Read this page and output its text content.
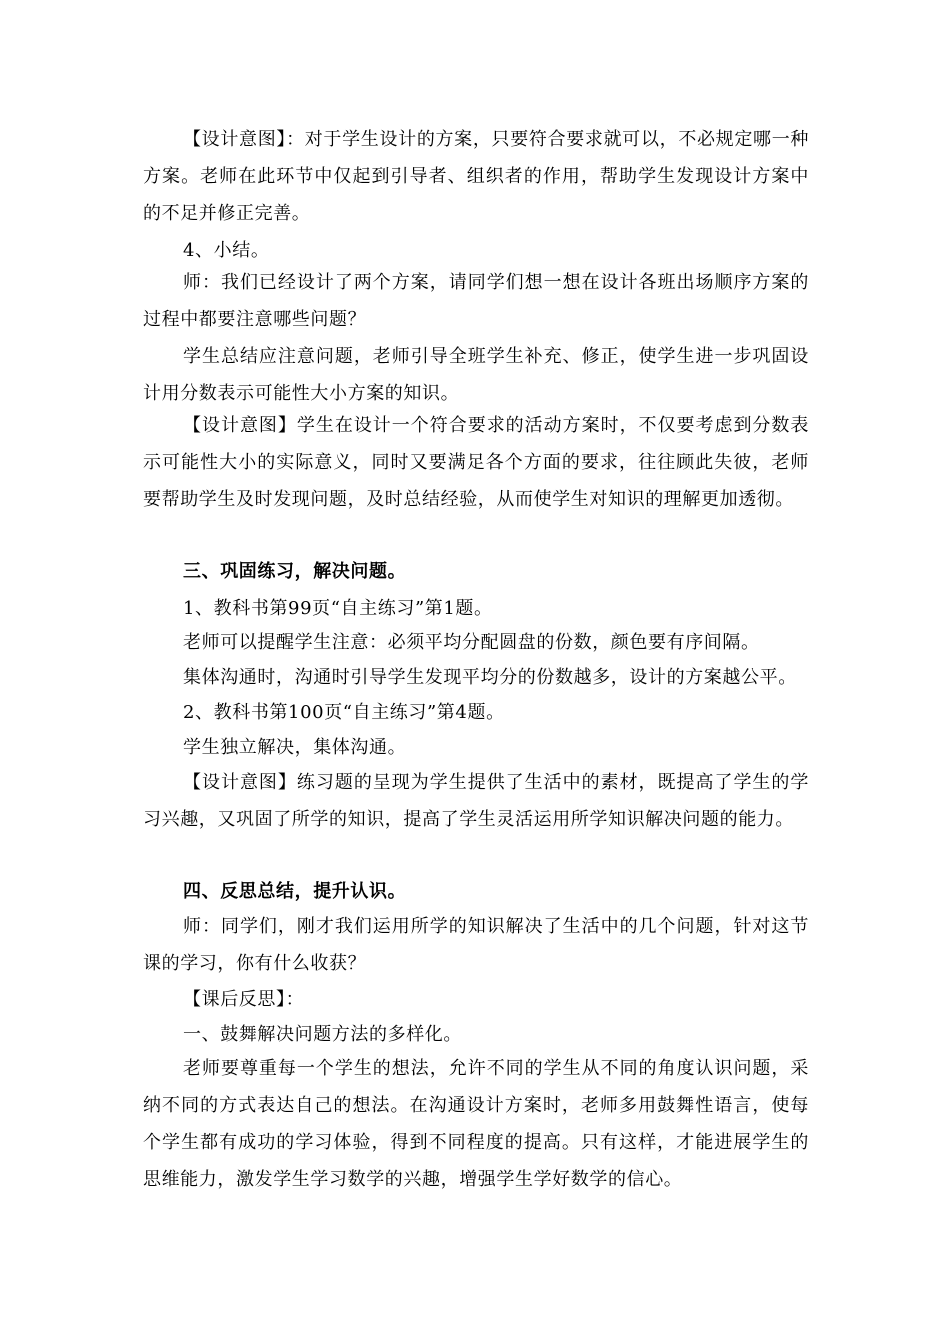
【设计意图】：对于学生设计的方案，只要符合要求就可以，不必规定哪一种方案。老师在此环节中仅起到引导者、组织者的作用，帮助学生发现设计方案中的不足并修正完善。

4、小结。

师：我们已经设计了两个方案，请同学们想一想在设计各班出场顺序方案的过程中都要注意哪些问题？

学生总结应注意问题，老师引导全班学生补充、修正，使学生进一步巩固设计用分数表示可能性大小方案的知识。

【设计意图】学生在设计一个符合要求的活动方案时，不仅要考虑到分数表示可能性大小的实际意义，同时又要满足各个方面的要求，往往顾此失彼，老师要帮助学生及时发现问题，及时总结经验，从而使学生对知识的理解更加透彻。

三、巩固练习，解决问题。

1、教科书第99页“自主练习”第1题。

老师可以提醒学生注意：必须平均分配圆盘的份数，颜色要有序间隔。

集体沟通时，沟通时引导学生发现平均分的份数越多，设计的方案越公平。

2、教科书第100页“自主练习”第4题。

学生独立解决，集体沟通。

【设计意图】练习题的呈现为学生提供了生活中的素材，既提高了学生的学习兴趣，又巩固了所学的知识，提高了学生灵活运用所学知识解决问题的能力。

四、反思总结，提升认识。

师：同学们，刚才我们运用所学的知识解决了生活中的几个问题，针对这节课的学习，你有什么收获？

【课后反思】：

一、鼓舞解决问题方法的多样化。

老师要尊重每一个学生的想法，允许不同的学生从不同的角度认识问题，采纳不同的方式表达自己的想法。在沟通设计方案时，老师多用鼓舞性语言，使每个学生都有成功的学习体验，得到不同程度的提高。只有这样，才能进展学生的思维能力，激发学生学习数学的兴趣，增强学生学好数学的信心。
